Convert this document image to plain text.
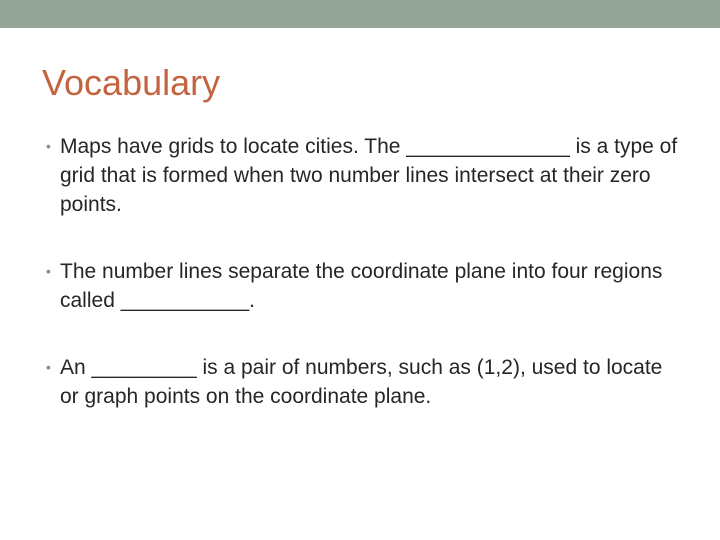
Vocabulary
• Maps have grids to locate cities. The ______________ is a type of grid that is formed when two number lines intersect at their zero points.
• The number lines separate the coordinate plane into four regions called ___________.
• An _________ is a pair of numbers, such as (1,2), used to locate or graph points on the coordinate plane.
